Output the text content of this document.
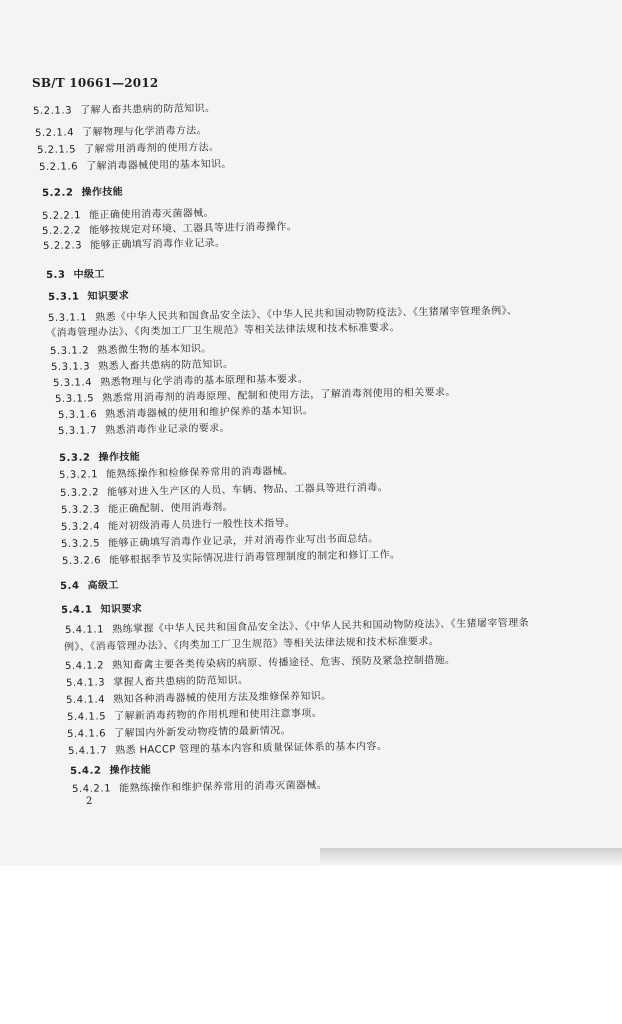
SB/T 10661—2012
5.2.1.3 了解人畜共患病的防范知识。
5.2.1.4 了解物理与化学消毒方法。
5.2.1.5 了解常用消毒剂的使用方法。
5.2.1.6 了解消毒器械使用的基本知识。
5.2.2 操作技能
5.2.2.1 能正确使用消毒灭菌器械。
5.2.2.2 能够按规定对环境、工器具等进行消毒操作。
5.2.2.3 能够正确填写消毒作业记录。
5.3 中级工
5.3.1 知识要求
5.3.1.1 熟悉《中华人民共和国食品安全法》、《中华人民共和国动物防疫法》、《生猪屠宰管理条例》、
《消毒管理办法》、《肉类加工厂卫生规范》等相关法律法规和技术标准要求。
5.3.1.2 熟悉微生物的基本知识。
5.3.1.3 熟悉人畜共患病的防范知识。
5.3.1.4 熟悉物理与化学消毒的基本原理和基本要求。
5.3.1.5 熟悉常用消毒剂的消毒原理、配制和使用方法，了解消毒剂使用的相关要求。
5.3.1.6 熟悉消毒器械的使用和维护保养的基本知识。
5.3.1.7 熟悉消毒作业记录的要求。
5.3.2 操作技能
5.3.2.1 能熟练操作和检修保养常用的消毒器械。
5.3.2.2 能够对进入生产区的人员、车辆、物品、工器具等进行消毒。
5.3.2.3 能正确配制、使用消毒剂。
5.3.2.4 能对初级消毒人员进行一般性技术指导。
5.3.2.5 能够正确填写消毒作业记录，并对消毒作业写出书面总结。
5.3.2.6 能够根据季节及实际情况进行消毒管理制度的制定和修订工作。
5.4 高级工
5.4.1 知识要求
5.4.1.1 熟练掌握《中华人民共和国食品安全法》、《中华人民共和国动物防疫法》、《生猪屠宰管理条
例》、《消毒管理办法》、《肉类加工厂卫生规范》等相关法律法规和技术标准要求。
5.4.1.2 熟知畜禽主要各类传染病的病原、传播途径、危害、预防及紧急控制措施。
5.4.1.3 掌握人畜共患病的防范知识。
5.4.1.4 熟知各种消毒器械的使用方法及维修保养知识。
5.4.1.5 了解新消毒药物的作用机理和使用注意事项。
5.4.1.6 了解国内外新发动物疫情的最新情况。
5.4.1.7 熟悉 HACCP 管理的基本内容和质量保证体系的基本内容。
5.4.2 操作技能
5.4.2.1 能熟练操作和维护保养常用的消毒灭菌器械。
2
